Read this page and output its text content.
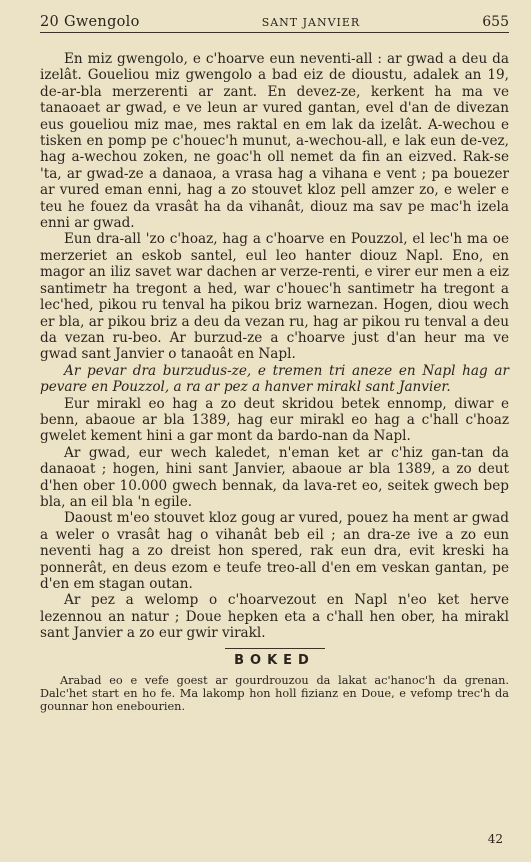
20 Gwengolo	SANT JANVIER	655

En miz gwengolo, e c'hoarve eun neventi-all : ar gwad a deu da izelât. Goueliou miz gwengolo a bad eiz de dioustu, adalek an 19, de-ar-bla merzerenti ar zant. En devez-ze, kerkent ha ma ve tanaoaet ar gwad, e ve leun ar vured gantan, evel d'an de divezan eus goueliou miz mae, mes raktal en em lak da izelât. A-wechou e tisken en pomp pe c'houec'h munut, a-wechou-all, e lak eun de-vez, hag a-wechou zoken, ne goac'h oll nemet da fin an eizved. Rak-se 'ta, ar gwad-ze a danaoa, a vrasa hag a vihana e vent ; pa bouezer ar vured eman enni, hag a zo stouvet kloz pell amzer zo, e weler e teu he fouez da vrasât ha da vihanât, diouz ma sav pe mac'h izela enni ar gwad.

Eun dra-all 'zo c'hoaz, hag a c'hoarve en Pouzzol, el lec'h ma oe merzeriet an eskob santel, eul leo hanter diouz Napl. Eno, en magor an iliz savet war dachen ar verze-renti, e virer eur men a eiz santimetr ha tregont a hed, war c'houec'h santimetr ha tregont a lec'hed, pikou ru tenval ha pikou briz warnezan. Hogen, diou wech er bla, ar pikou briz a deu da vezan ru, hag ar pikou ru tenval a deu da vezan ru-beo. Ar burzud-ze a c'hoarve just d'an heur ma ve gwad sant Janvier o tanaoât en Napl.

Ar pevar dra burzudus-ze, e tremen tri aneze en Napl hag ar pevare en Pouzzol, a ra ar pez a hanver mirakl sant Janvier.

Eur mirakl eo hag a zo deut skridou betek ennomp, diwar e benn, abaoue ar bla 1389, hag eur mirakl eo hag a c'hall c'hoaz gwelet kement hini a gar mont da bardo-nan da Napl.

Ar gwad, eur wech kaledet, n'eman ket ar c'hiz gan-tan da danaoat ; hogen, hini sant Janvier, abaoue ar bla 1389, a zo deut d'hen ober 10.000 gwech bennak, da lava-ret eo, seitek gwech bep bla, an eil bla 'n egile.

Daoust m'eo stouvet kloz goug ar vured, pouez ha ment ar gwad a weler o vrasât hag o vihanât beb eil ; an dra-ze ive a zo eun neventi hag a zo dreist hon spered, rak eun dra, evit kreski ha ponnerât, en deus ezom e teufe treo-all d'en em veskan gantan, pe d'en em stagan outan.

Ar pez a welomp o c'hoarvezout en Napl n'eo ket herve lezennou an natur ; Doue hepken eta a c'hall hen ober, ha mirakl sant Janvier a zo eur gwir virakl.

BOKED
Arabad eo e vefe goest ar gourdrouzou da lakat ac'hanoc'h da grenan. Dalc'het start en ho fe. Ma lakomp hon holl fizianz en Doue, e vefomp trec'h da gounnar hon enebourien.
42
